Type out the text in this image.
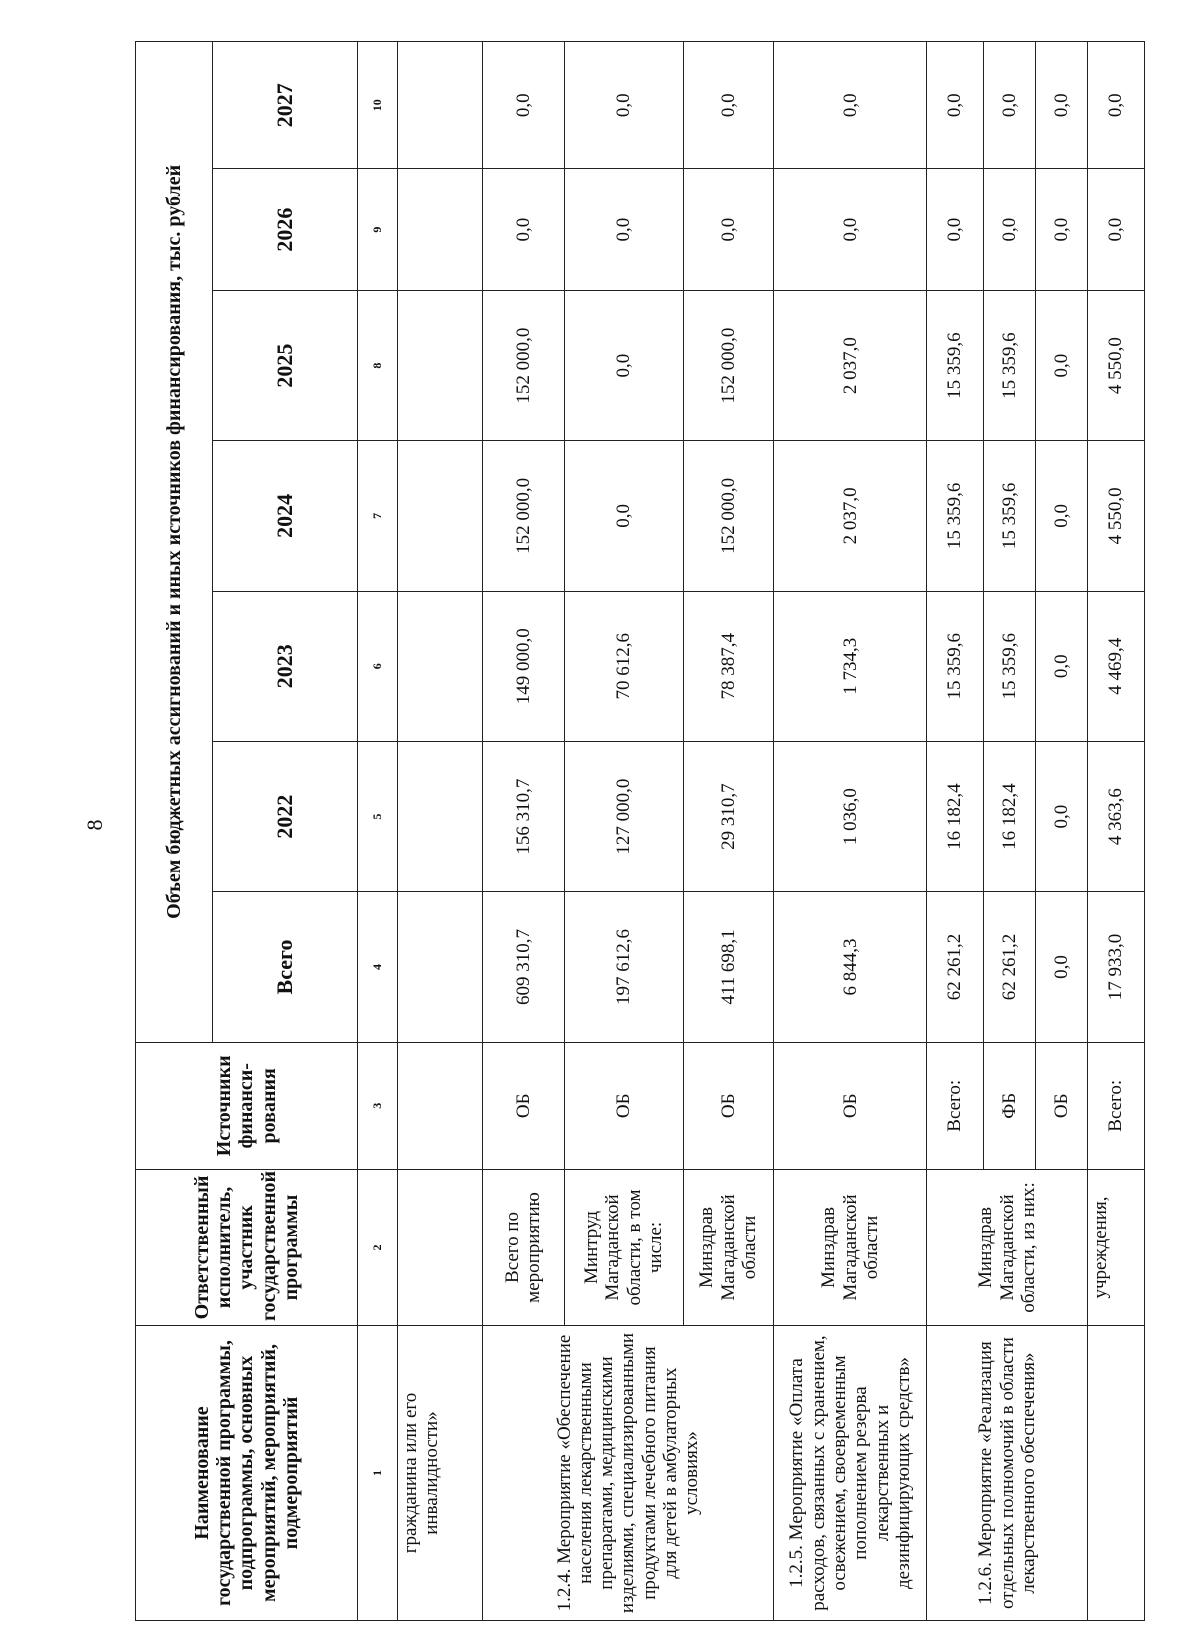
8
Наименование государственной программы, подпрограммы, основных мероприятий, мероприятий, подмероприятий	Ответственный исполнитель, участник государственной программы	Источники финанси-рования	Объем бюджетных ассигнований и иных источников финансирования, тыс. рублей						
			Всего	2022	2023	2024	2025	2026	2027
1	2	3	4	5	6	7	8	9	10
гражданина или его инвалидности»									
1.2.4. Мероприятие «Обеспечение населения лекарственными препаратами, медицинскими изделиями, специализированными продуктами лечебного питания для детей в амбулаторных условиях»	Всего по мероприятию	ОБ	609 310,7	156 310,7	149 000,0	152 000,0	152 000,0	0,0	0,0
	Минтруд Магаданской области, в том числе:	ОБ	197 612,6	127 000,0	70 612,6	0,0	0,0	0,0	0,0
	Минздрав Магаданской области	ОБ	411 698,1	29 310,7	78 387,4	152 000,0	152 000,0	0,0	0,0
1.2.5. Мероприятие «Оплата расходов, связанных с хранением, освежением, своевременным пополнением резерва лекарственных и дезинфицирующих средств»	Минздрав Магаданской области	ОБ	6 844,3	1 036,0	1 734,3	2 037,0	2 037,0	0,0	0,0
1.2.6. Мероприятие «Реализация отдельных полномочий в области лекарственного обеспечения»	Минздрав Магаданской области, из них:	Всего:	62 261,2	16 182,4	15 359,6	15 359,6	15 359,6	0,0	0,0
		ФБ	62 261,2	16 182,4	15 359,6	15 359,6	15 359,6	0,0	0,0
		ОБ	0,0	0,0	0,0	0,0	0,0	0,0	0,0
	учреждения,	Всего:	17 933,0	4 363,6	4 469,4	4 550,0	4 550,0	0,0	0,0
